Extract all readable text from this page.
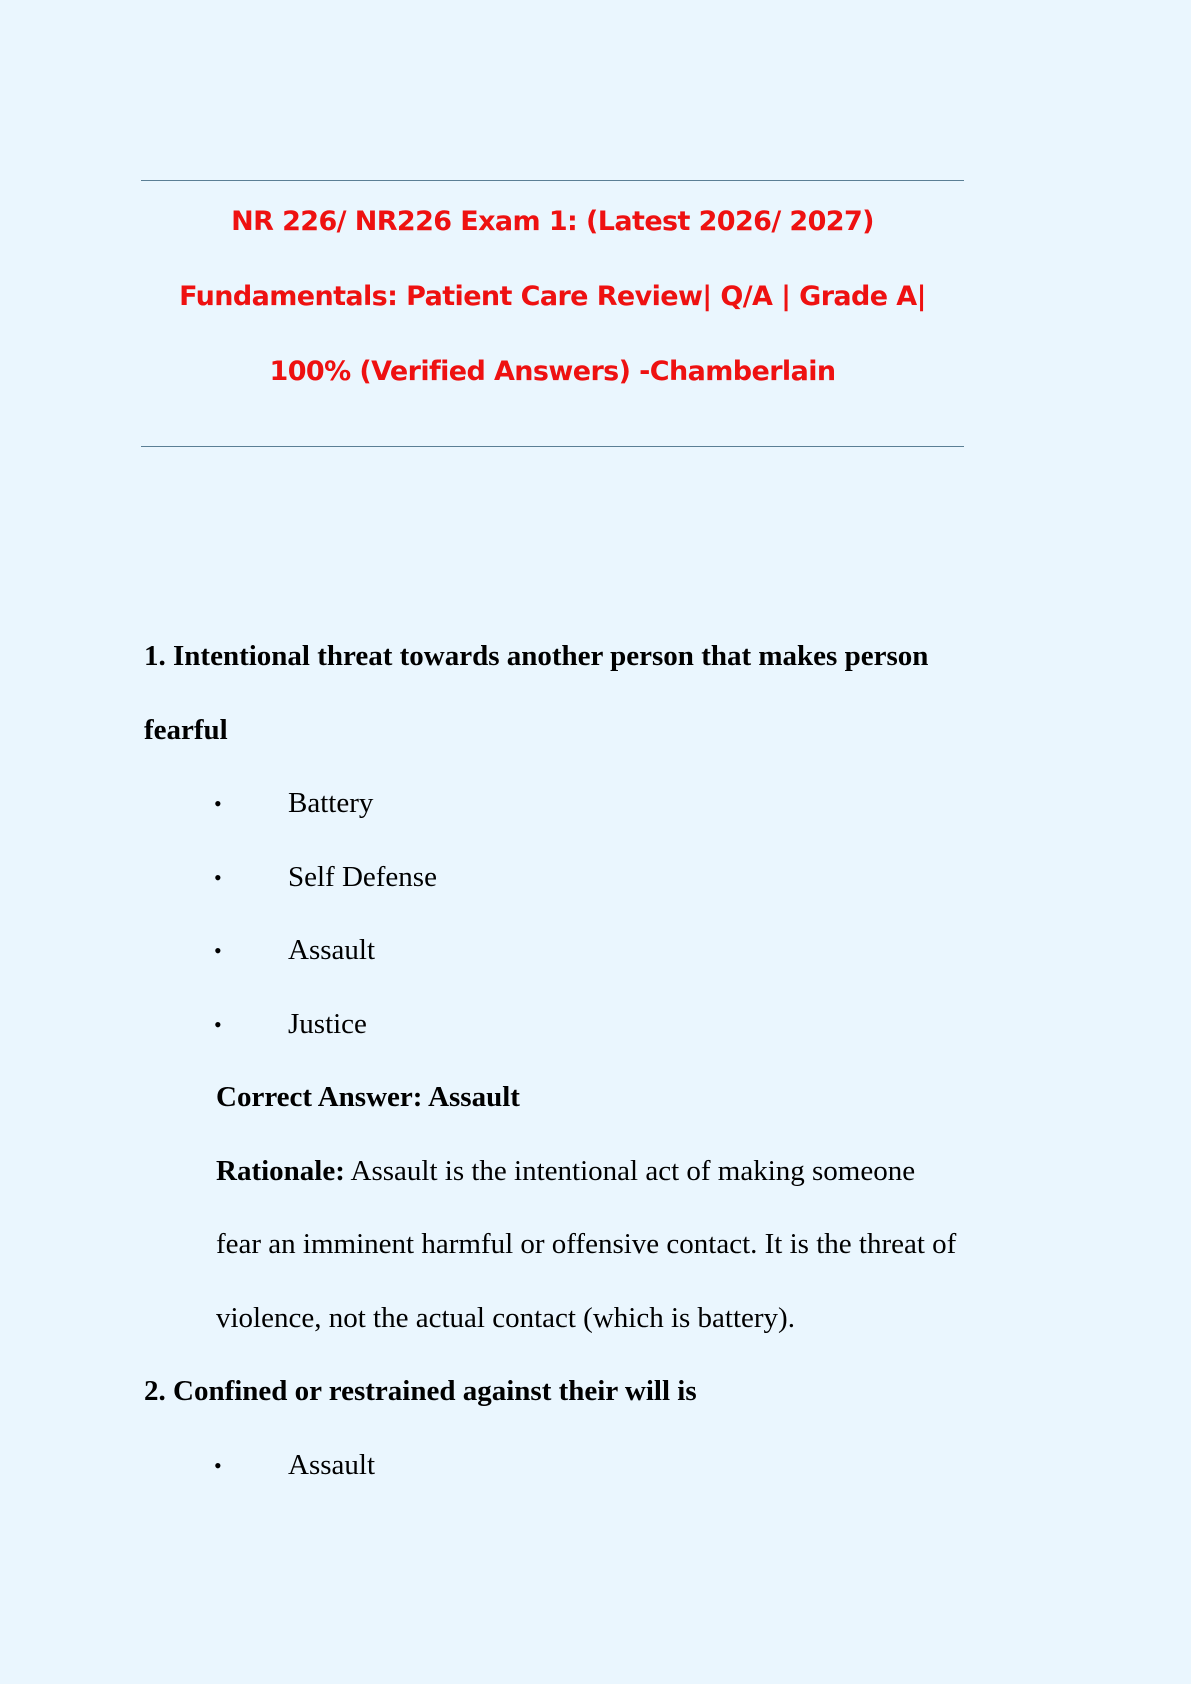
NR 226/ NR226 Exam 1: (Latest 2026/ 2027)
Fundamentals: Patient Care Review| Q/A | Grade A|
100% (Verified Answers) -Chamberlain
1. Intentional threat towards another person that makes person
fearful
• Battery
• Self Defense
• Assault
• Justice
Correct Answer: Assault
Rationale: Assault is the intentional act of making someone
fear an imminent harmful or offensive contact. It is the threat of
violence, not the actual contact (which is battery).
2. Confined or restrained against their will is
• Assault
